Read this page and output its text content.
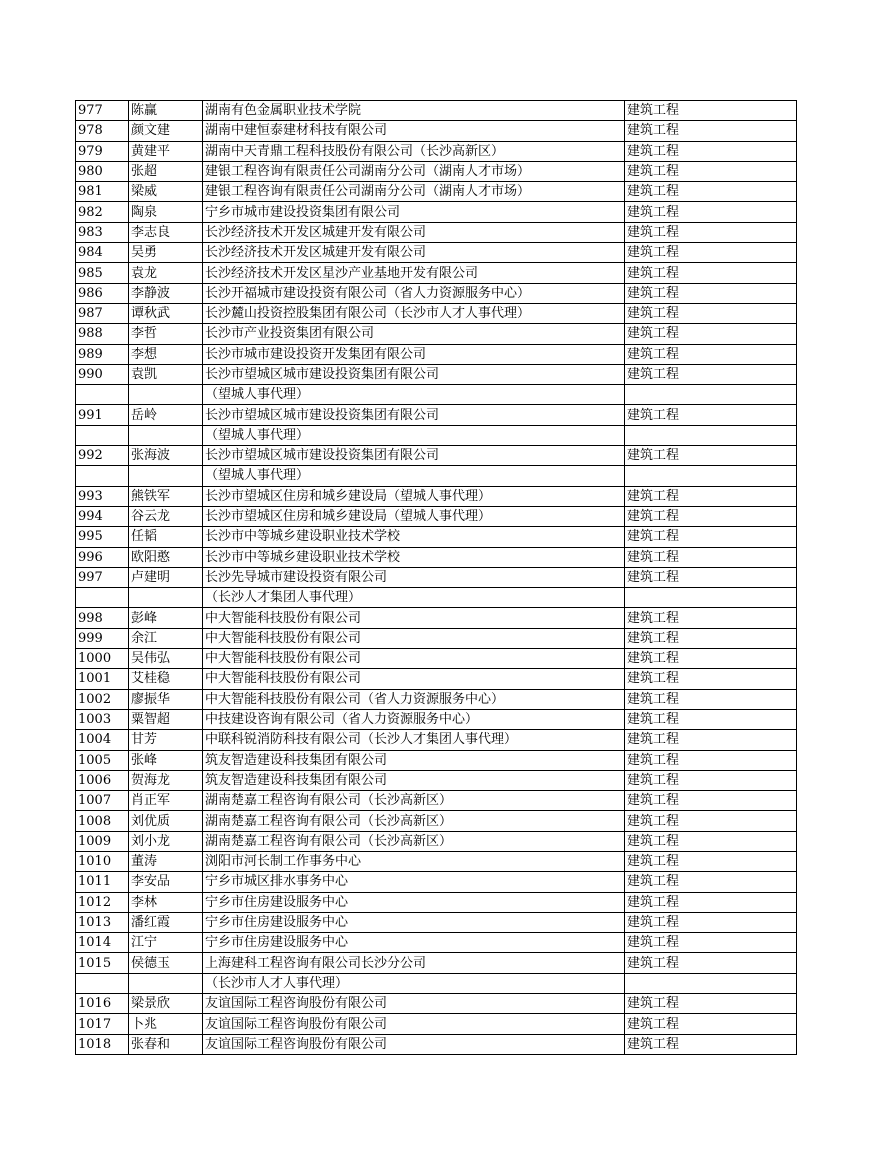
977	陈赢	湖南有色金属职业技术学院	建筑工程
978	颜文建	湖南中建恒泰建材科技有限公司	建筑工程
979	黄建平	湖南中天青鼎工程科技股份有限公司（长沙高新区）	建筑工程
980	张超	建银工程咨询有限责任公司湖南分公司（湖南人才市场）	建筑工程
981	梁威	建银工程咨询有限责任公司湖南分公司（湖南人才市场）	建筑工程
982	陶泉	宁乡市城市建设投资集团有限公司	建筑工程
983	李志良	长沙经济技术开发区城建开发有限公司	建筑工程
984	吴勇	长沙经济技术开发区城建开发有限公司	建筑工程
985	袁龙	长沙经济技术开发区星沙产业基地开发有限公司	建筑工程
986	李静波	长沙开福城市建设投资有限公司（省人力资源服务中心）	建筑工程
987	谭秋武	长沙麓山投资控股集团有限公司（长沙市人才人事代理）	建筑工程
988	李哲	长沙市产业投资集团有限公司	建筑工程
989	李想	长沙市城市建设投资开发集团有限公司	建筑工程
990	袁凯	长沙市望城区城市建设投资集团有限公司	建筑工程
		（望城人事代理）	
991	岳岭	长沙市望城区城市建设投资集团有限公司	建筑工程
		（望城人事代理）	
992	张海波	长沙市望城区城市建设投资集团有限公司	建筑工程
		（望城人事代理）	
993	熊铁军	长沙市望城区住房和城乡建设局（望城人事代理）	建筑工程
994	谷云龙	长沙市望城区住房和城乡建设局（望城人事代理）	建筑工程
995	任韬	长沙市中等城乡建设职业技术学校	建筑工程
996	欧阳憨	长沙市中等城乡建设职业技术学校	建筑工程
997	卢建明	长沙先导城市建设投资有限公司	建筑工程
		（长沙人才集团人事代理）	
998	彭峰	中大智能科技股份有限公司	建筑工程
999	余江	中大智能科技股份有限公司	建筑工程
1000	吴伟弘	中大智能科技股份有限公司	建筑工程
1001	艾桂稳	中大智能科技股份有限公司	建筑工程
1002	廖振华	中大智能科技股份有限公司（省人力资源服务中心）	建筑工程
1003	粟智超	中技建设咨询有限公司（省人力资源服务中心）	建筑工程
1004	甘芳	中联科锐消防科技有限公司（长沙人才集团人事代理）	建筑工程
1005	张峰	筑友智造建设科技集团有限公司	建筑工程
1006	贺海龙	筑友智造建设科技集团有限公司	建筑工程
1007	肖正军	湖南楚嘉工程咨询有限公司（长沙高新区）	建筑工程
1008	刘优质	湖南楚嘉工程咨询有限公司（长沙高新区）	建筑工程
1009	刘小龙	湖南楚嘉工程咨询有限公司（长沙高新区）	建筑工程
1010	董涛	浏阳市河长制工作事务中心	建筑工程
1011	李安品	宁乡市城区排水事务中心	建筑工程
1012	李林	宁乡市住房建设服务中心	建筑工程
1013	潘红霞	宁乡市住房建设服务中心	建筑工程
1014	江宁	宁乡市住房建设服务中心	建筑工程
1015	侯德玉	上海建科工程咨询有限公司长沙分公司	建筑工程
		（长沙市人才人事代理）	
1016	梁景欣	友谊国际工程咨询股份有限公司	建筑工程
1017	卜兆	友谊国际工程咨询股份有限公司	建筑工程
1018	张春和	友谊国际工程咨询股份有限公司	建筑工程
